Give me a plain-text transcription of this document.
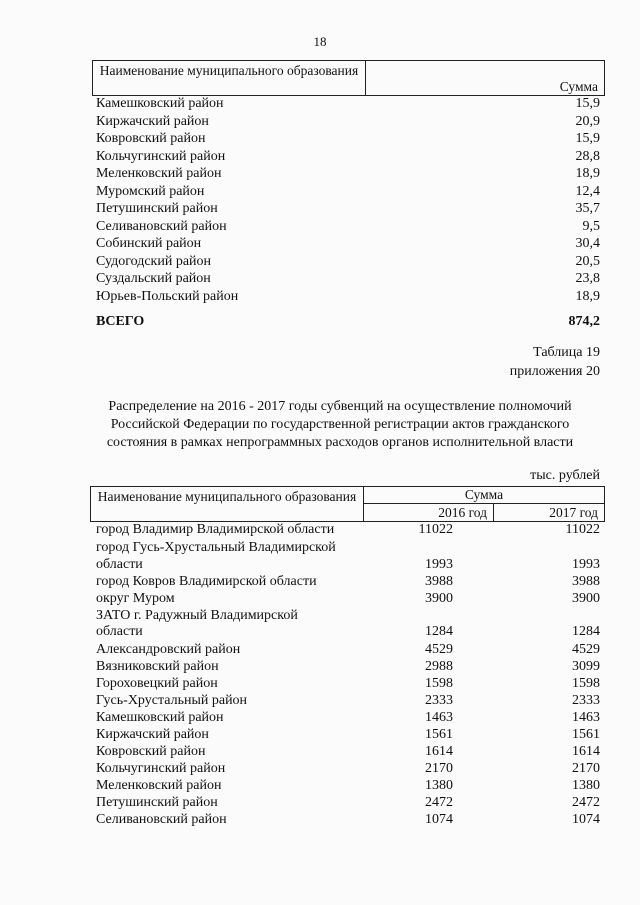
18
Наименование муниципального образования
Сумма
Камешковский район	15,9
Киржачский район	20,9
Ковровский район	15,9
Кольчугинский район	28,8
Меленковский район	18,9
Муромский район	12,4
Петушинский район	35,7
Селивановский район	9,5
Собинский район	30,4
Судогодский район	20,5
Суздальский район	23,8
Юрьев-Польский район	18,9
ВСЕГО	874,2
Таблица 19
приложения 20
Распределение на 2016 - 2017 годы субвенций на осуществление полномочий Российской Федерации по государственной регистрации актов гражданского состояния в рамках непрограммных расходов органов исполнительной власти
тыс. рублей
Наименование муниципального образования	Сумма
2016 год	2017 год
город Владимир Владимирской области	11022	11022
город Гусь-Хрустальный Владимирской
области	1993	1993
город Ковров Владимирской области	3988	3988
округ Муром	3900	3900
ЗАТО г. Радужный Владимирской
области	1284	1284
Александровский район	4529	4529
Вязниковский район	2988	3099
Гороховецкий район	1598	1598
Гусь-Хрустальный район	2333	2333
Камешковский район	1463	1463
Киржачский район	1561	1561
Ковровский район	1614	1614
Кольчугинский район	2170	2170
Меленковский район	1380	1380
Петушинский район	2472	2472
Селивановский район	1074	1074
